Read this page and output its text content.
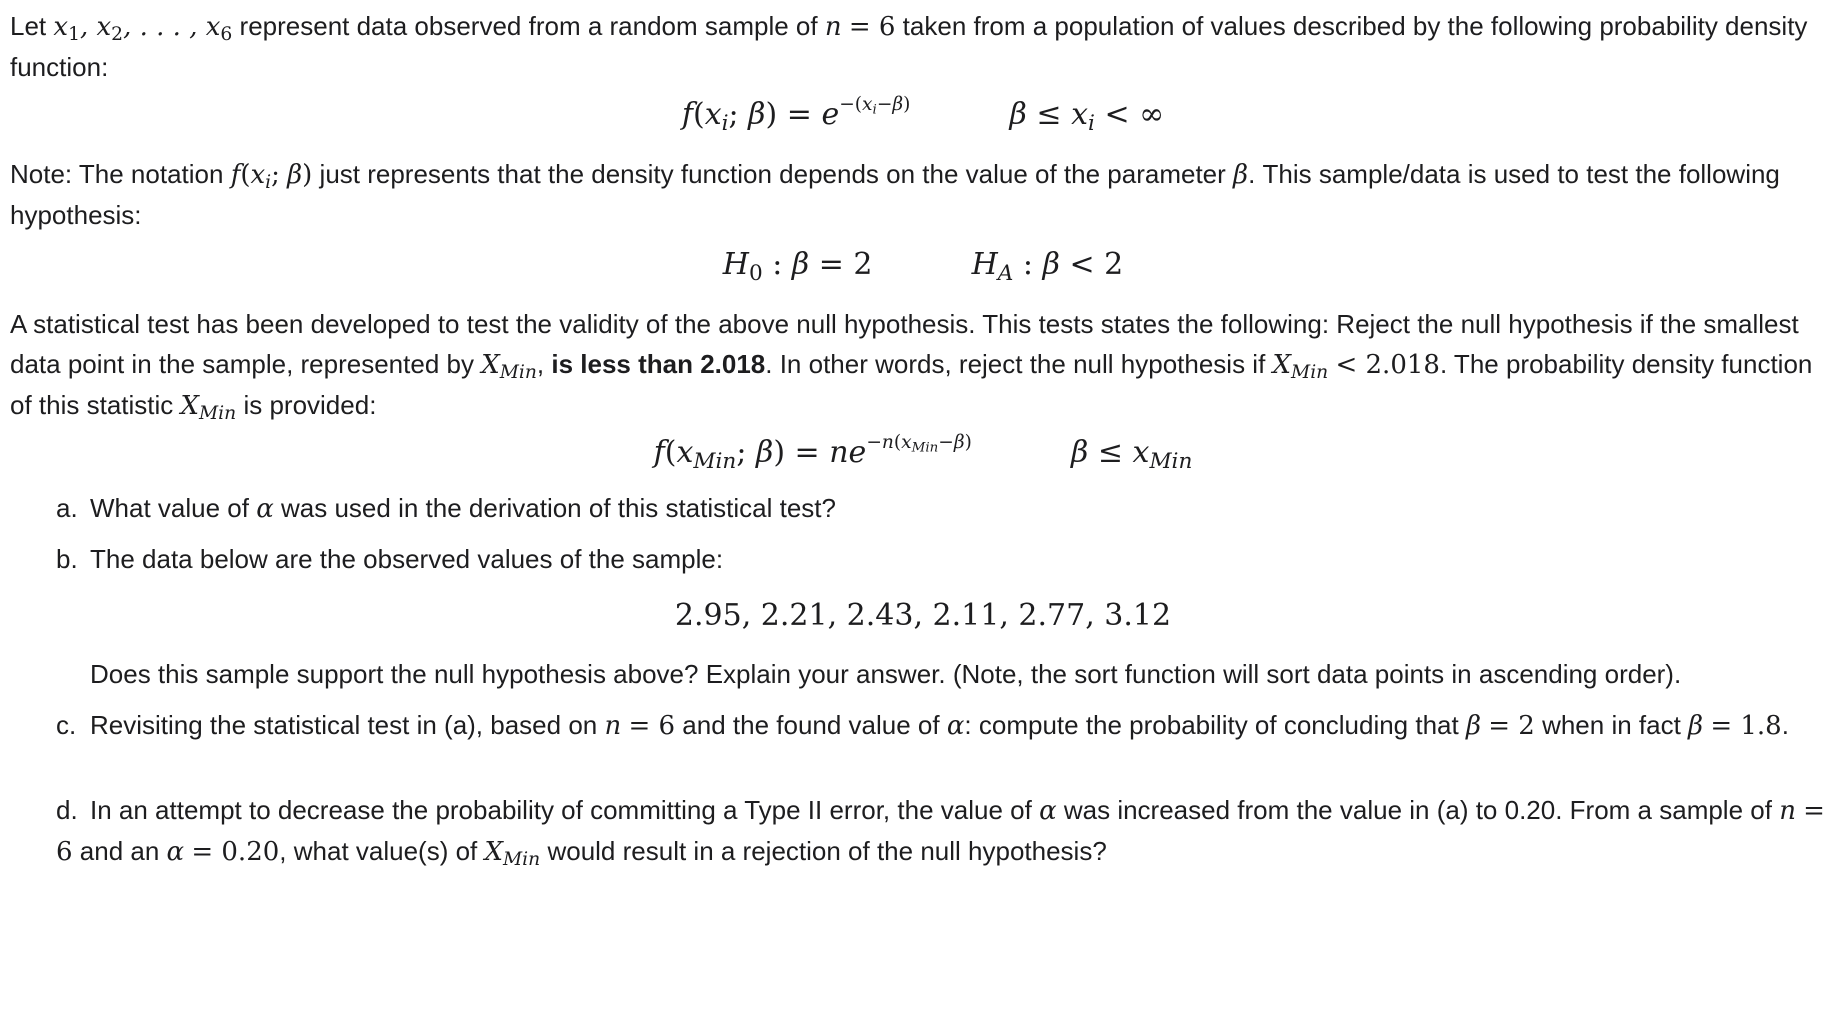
Let $x_1$, $x_2$, . . . , $x_6$ represent data observed from a random sample of n = 6 taken from a population of values described by the following probability density function:
$f(x_i$; $\beta) = e^{-(x_i-\beta)}$	$\beta \le x_i$ < ∞
Note: The notation $f(x_i$; β) just represents that the density function depends on the value of the parameter β. This sample/data is used to test the following hypothesis:
$H_0$ : β = 2	$H_A$ : β < 2
A statistical test has been developed to test the validity of the above null hypothesis. This tests states the following: Reject the null hypothesis if the smallest data point in the sample, represented by $X_{Min}$, is less than 2.018. In other words, reject the null hypothesis if $X_{Min} < 2.018$. The probability density function of this statistic $X_{Min}$ is provided:
$f(x_{Min}$; $\beta) = ne^{-n(x_{Min}-\beta)}$	$\beta \le x_{Min}$
a. What value of α was used in the derivation of this statistical test?
b. The data below are the observed values of the sample:
2.95, 2.21, 2.43, 2.11, 2.77, 3.12
Does this sample support the null hypothesis above? Explain your answer. (Note, the sort function will sort data points in ascending order).
c. Revisiting the statistical test in (a), based on n = 6 and the found value of α: compute the probability of concluding that β = 2 when in fact β = 1.8.
d. In an attempt to decrease the probability of committing a Type II error, the value of α was increased from the value in (a) to 0.20. From a sample of n = 6 and an α = 0.20, what value(s) of $X_{Min}$ would result in a rejection of the null hypothesis?
